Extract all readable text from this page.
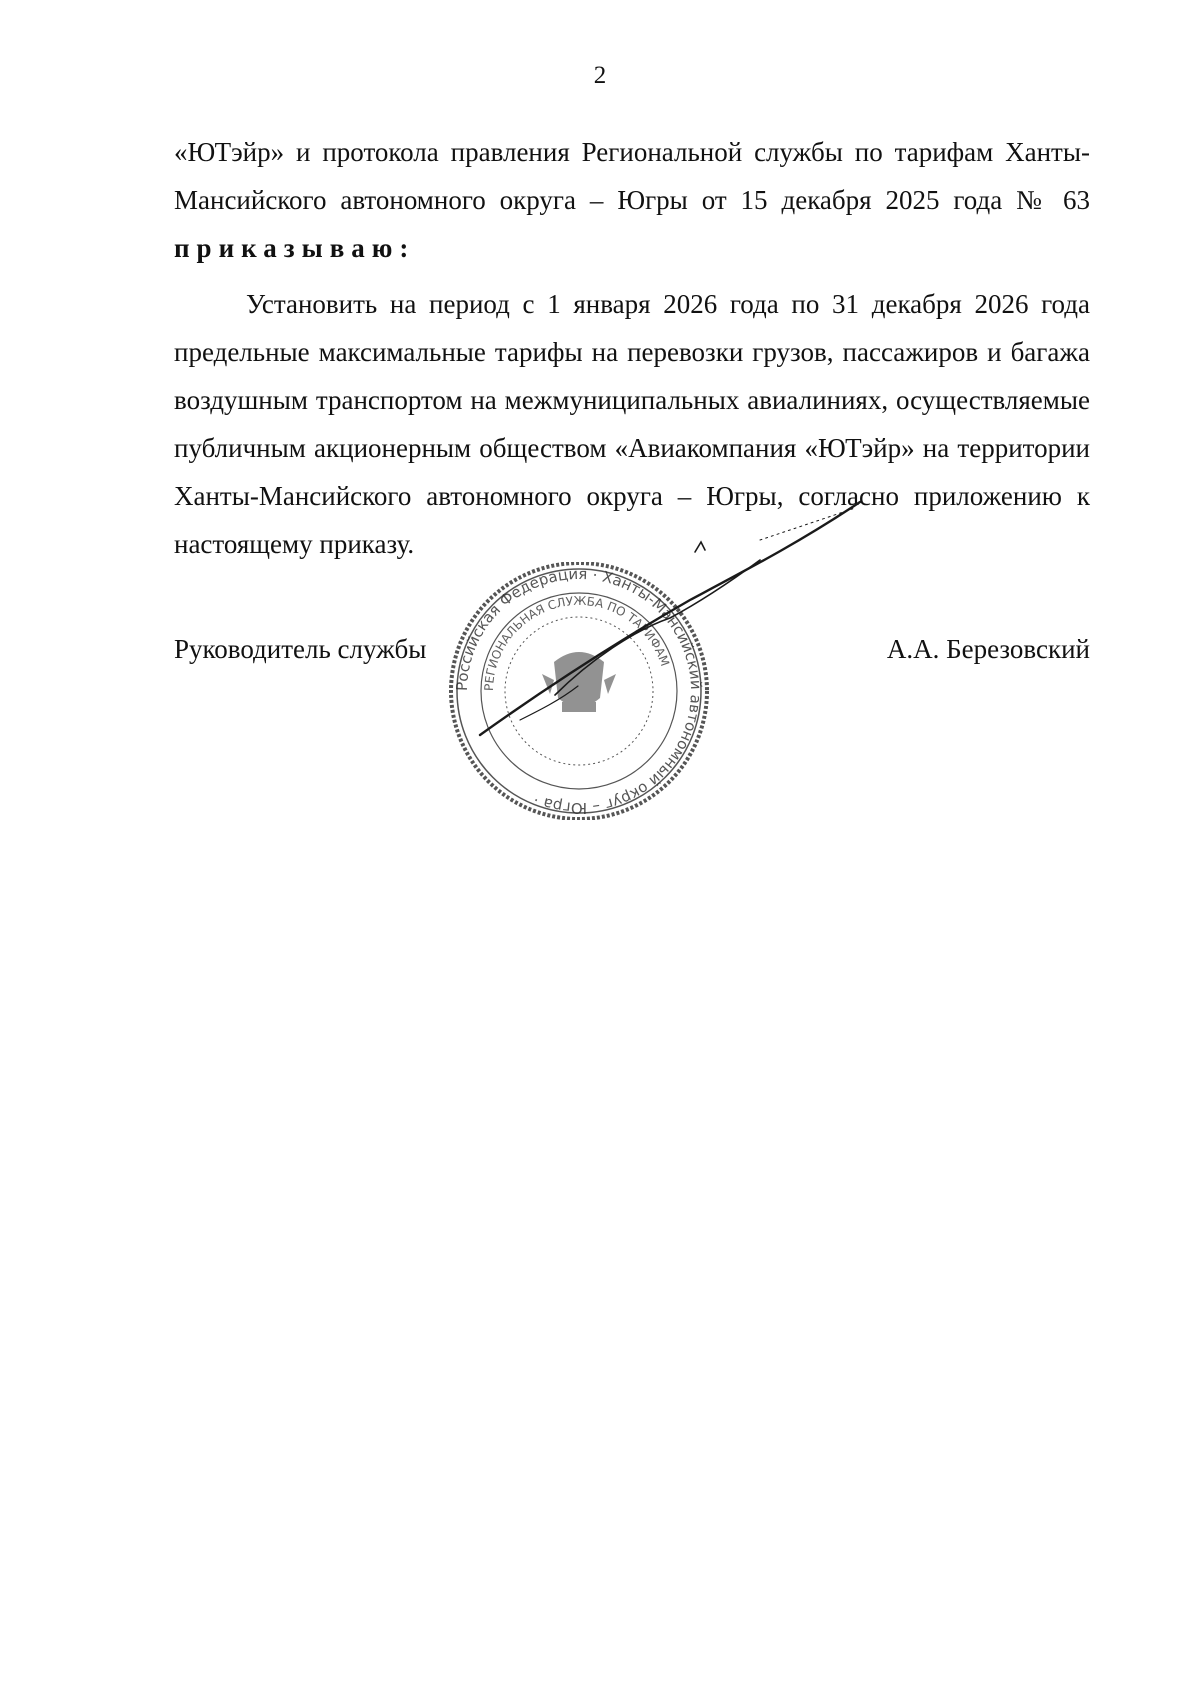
2

«ЮТэйр» и протокола правления Региональной службы по тарифам Ханты-Мансийского автономного округа – Югры от 15 декабря 2025 года № 63 приказываю:

Установить на период с 1 января 2026 года по 31 декабря 2026 года предельные максимальные тарифы на перевозки грузов, пассажиров и багажа воздушным транспортом на межмуниципальных авиалиниях, осуществляемые публичным акционерным обществом «Авиакомпания «ЮТэйр» на территории Ханты-Мансийского автономного округа – Югры, согласно приложению к настоящему приказу.

Руководитель службы	А.А. Березовский
Российская Федерация · Ханты-Мансийский автономный округ – Югра ·
РЕГИОНАЛЬНАЯ СЛУЖБА ПО ТАРИФАМ
